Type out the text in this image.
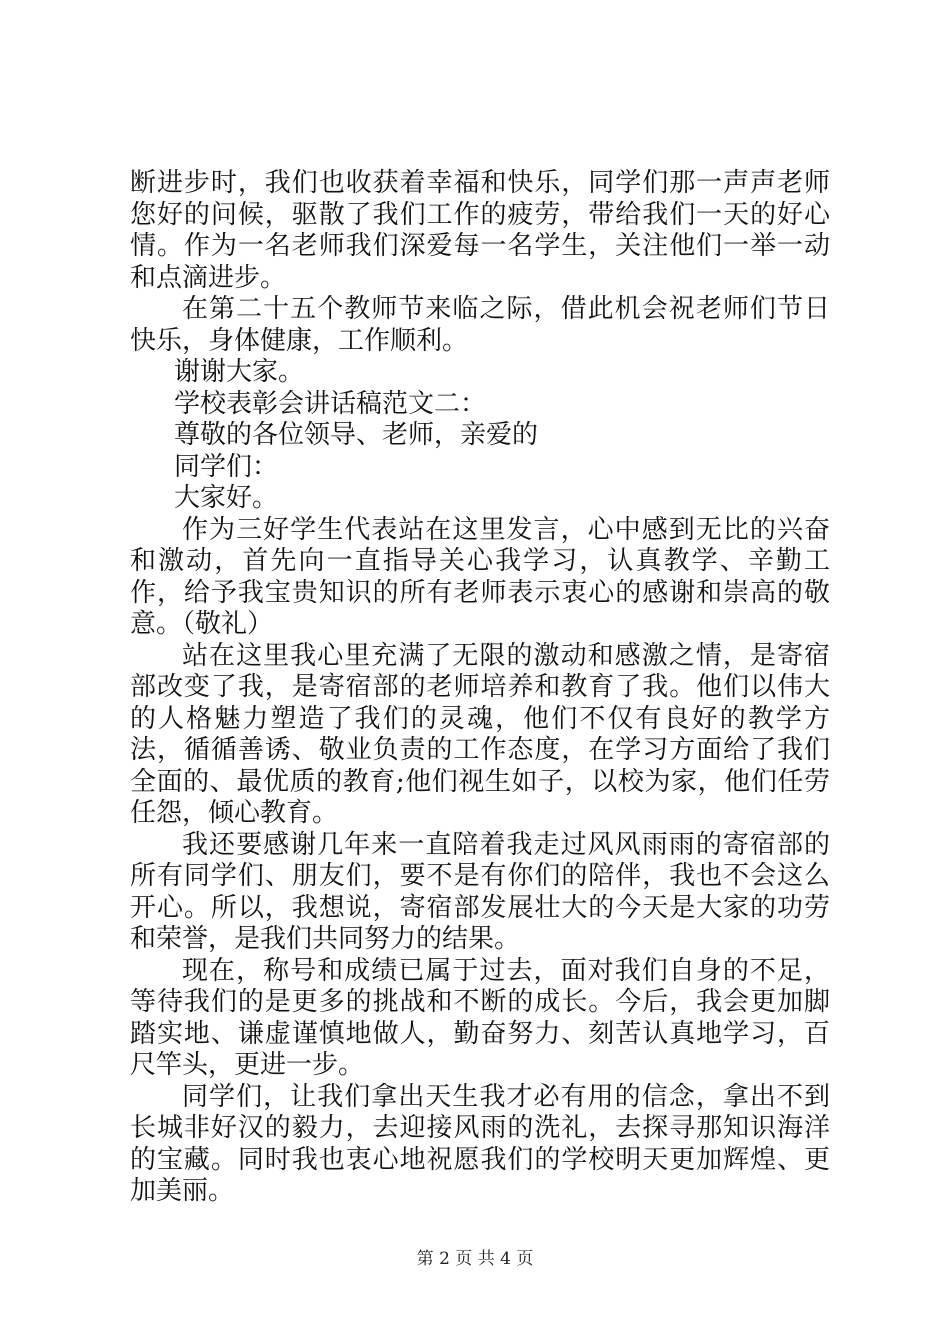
断进步时，我们也收获着幸福和快乐，同学们那一声声老师您好的问候，驱散了我们工作的疲劳，带给我们一天的好心情。作为一名老师我们深爱每一名学生，关注他们一举一动和点滴进步。

在第二十五个教师节来临之际，借此机会祝老师们节日快乐，身体健康，工作顺利。

谢谢大家。

学校表彰会讲话稿范文二：

尊敬的各位领导、老师，亲爱的

同学们：

大家好。

作为三好学生代表站在这里发言，心中感到无比的兴奋和激动，首先向一直指导关心我学习，认真教学、辛勤工作，给予我宝贵知识的所有老师表示衷心的感谢和崇高的敬意。（敬礼）

站在这里我心里充满了无限的激动和感激之情，是寄宿部改变了我，是寄宿部的老师培养和教育了我。他们以伟大的人格魅力塑造了我们的灵魂，他们不仅有良好的教学方法，循循善诱、敬业负责的工作态度，在学习方面给了我们全面的、最优质的教育;他们视生如子，以校为家，他们任劳任怨，倾心教育。

我还要感谢几年来一直陪着我走过风风雨雨的寄宿部的所有同学们、朋友们，要不是有你们的陪伴，我也不会这么开心。所以，我想说，寄宿部发展壮大的今天是大家的功劳和荣誉，是我们共同努力的结果。

现在，称号和成绩已属于过去，面对我们自身的不足，等待我们的是更多的挑战和不断的成长。今后，我会更加脚踏实地、谦虚谨慎地做人，勤奋努力、刻苦认真地学习，百尺竿头，更进一步。

同学们，让我们拿出天生我才必有用的信念，拿出不到长城非好汉的毅力，去迎接风雨的洗礼，去探寻那知识海洋的宝藏。同时我也衷心地祝愿我们的学校明天更加辉煌、更加美丽。

第 2 页 共 4 页
